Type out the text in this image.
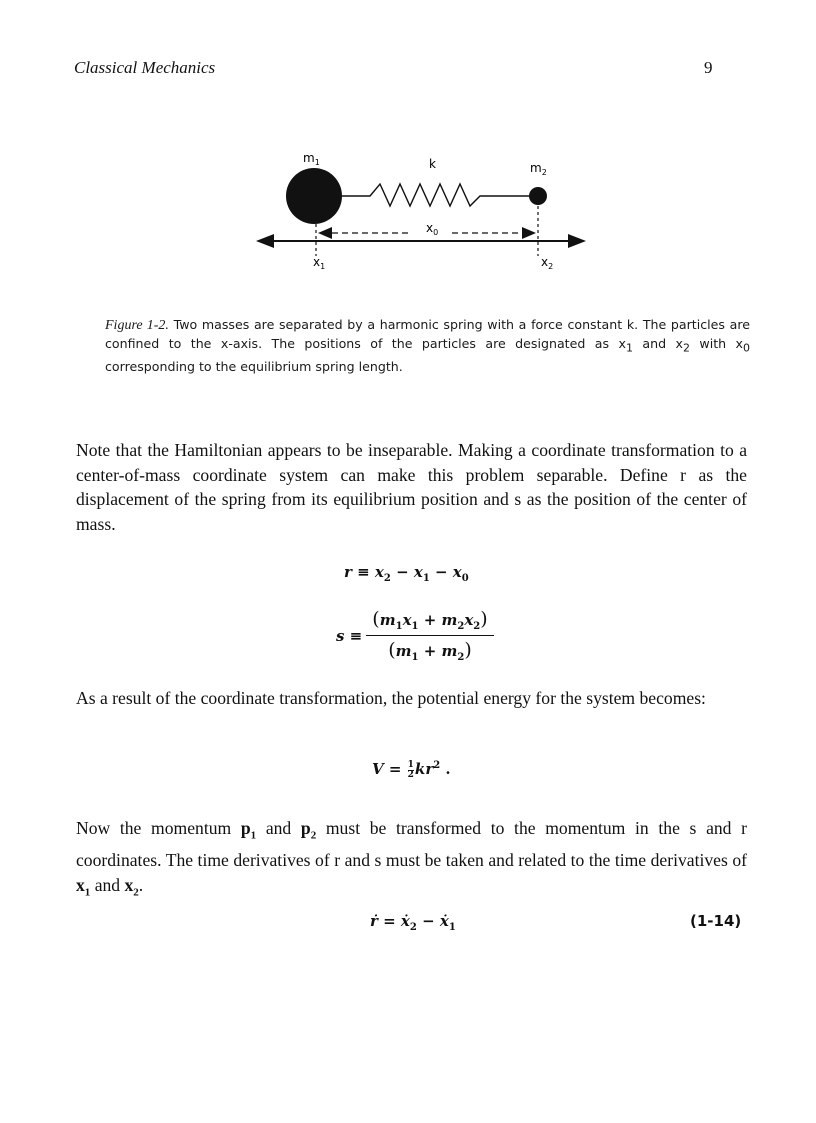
Classical Mechanics	9
$m_1$	k	$m_2$
$x_0$
$x_1$	$x_2$
Figure 1-2. Two masses are separated by a harmonic spring with a force constant k. The particles are confined to the x-axis. The positions of the particles are designated as $x_1$ and $x_2$ with $x_0$ corresponding to the equilibrium spring length.
Note that the Hamiltonian appears to be inseparable. Making a coordinate transformation to a center-of-mass coordinate system can make this problem separable. Define r as the displacement of the spring from its equilibrium position and s as the position of the center of mass.
$r \equiv x_2 - x_1 - x_0$
$s \equiv \frac{(m_1x_1 + m_2x_2)}{(m_1 + m_2)}$
As a result of the coordinate transformation, the potential energy for the system becomes:
$V = \frac{1}{2} kr^2$ .
Now the momentum $p_1$ and $p_2$ must be transformed to the momentum in the s and r coordinates. The time derivatives of r and s must be taken and related to the time derivatives of $x_1$ and $x_2$.
ṙ = ẋ$_2$ − ẋ$_1$	(1-14)
